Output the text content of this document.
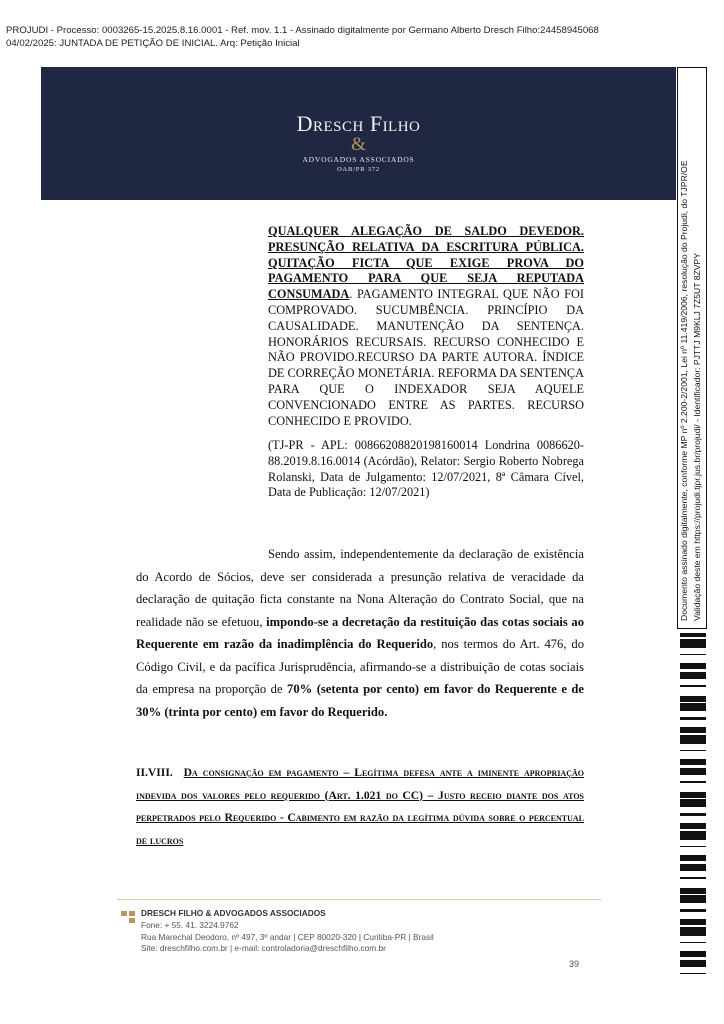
PROJUDI - Processo: 0003265-15.2025.8.16.0001 - Ref. mov. 1.1 - Assinado digitalmente por Germano Alberto Dresch Filho:24458945068
04/02/2025: JUNTADA DE PETIÇÃO DE INICIAL. Arq: Petição Inicial
Dresch Filho
&
ADVOGADOS ASSOCIADOS
OAB/PR 372
QUALQUER ALEGAÇÃO DE SALDO DEVEDOR. PRESUNÇÃO RELATIVA DA ESCRITURA PÚBLICA. QUITAÇÃO FICTA QUE EXIGE PROVA DO PAGAMENTO PARA QUE SEJA REPUTADA CONSUMADA. PAGAMENTO INTEGRAL QUE NÃO FOI COMPROVADO. SUCUMBÊNCIA. PRINCÍPIO DA CAUSALIDADE. MANUTENÇÃO DA SENTENÇA. HONORÁRIOS RECURSAIS. RECURSO CONHECIDO E NÃO PROVIDO.RECURSO DA PARTE AUTORA. ÍNDICE DE CORREÇÃO MONETÁRIA. REFORMA DA SENTENÇA PARA QUE O INDEXADOR SEJA AQUELE CONVENCIONADO ENTRE AS PARTES. RECURSO CONHECIDO E PROVIDO.
(TJ-PR - APL: 00866208820198160014 Londrina 0086620-88.2019.8.16.0014 (Acórdão), Relator: Sergio Roberto Nobrega Rolanski, Data de Julgamento: 12/07/2021, 8ª Câmara Cível, Data de Publicação: 12/07/2021)
Sendo assim, independentemente da declaração de existência do Acordo de Sócios, deve ser considerada a presunção relativa de veracidade da declaração de quitação ficta constante na Nona Alteração do Contrato Social, que na realidade não se efetuou, impondo-se a decretação da restituição das cotas sociais ao Requerente em razão da inadimplência do Requerido, nos termos do Art. 476, do Código Civil, e da pacífica Jurisprudência, afirmando-se a distribuição de cotas sociais da empresa na proporção de 70% (setenta por cento) em favor do Requerente e de 30% (trinta por cento) em favor do Requerido.
II.VIII. Da consignação em pagamento – Legítima defesa ante a iminente apropriação indevida dos valores pelo requerido (Art. 1.021 do CC) – Justo receio diante dos atos perpetrados pelo Requerido - Cabimento em razão da legítima dúvida sobre o percentual de lucros
DRESCH FILHO & ADVOGADOS ASSOCIADOS
Fone: + 55. 41. 3224.9762
Rua Marechal Deodoro, nº 497, 3º andar | CEP 80020-320 | Curitiba-PR | Brasil
Site: dreschfilho.com.br | e-mail: controladoria@dreschfilho.com.br
39
Documento assinado digitalmente, conforme MP nº 2.200-2/2001, Lei nº 11.419/2006, resolução do Projudi, do TJPR/OE Validação deste em https://projudi.tjpr.jus.br/projudi/ - Identificador: PJTTJ M9KLJ 7Z5UT 8ZVPY
